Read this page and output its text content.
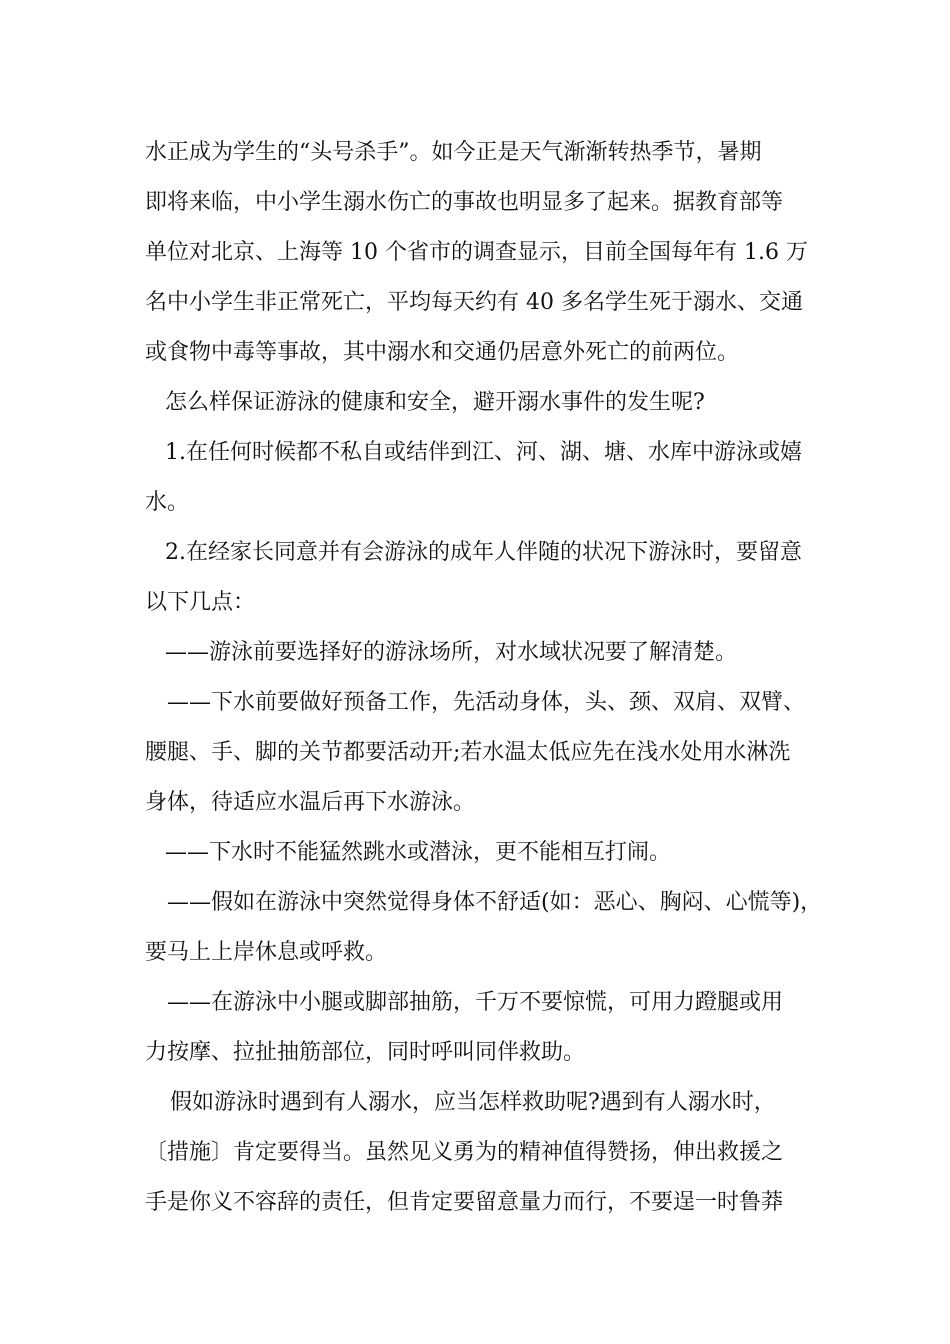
水正成为学生的“头号杀手”。如今正是天气渐渐转热季节，暑期
即将来临，中小学生溺水伤亡的事故也明显多了起来。据教育部等
单位对北京、上海等 10 个省市的调查显示，目前全国每年有 1.6 万
名中小学生非正常死亡，平均每天约有 40 多名学生死于溺水、交通
或食物中毒等事故，其中溺水和交通仍居意外死亡的前两位。
怎么样保证游泳的健康和安全，避开溺水事件的发生呢?
1.在任何时候都不私自或结伴到江、河、湖、塘、水库中游泳或嬉
水。
2.在经家长同意并有会游泳的成年人伴随的状况下游泳时，要留意
以下几点：
——游泳前要选择好的游泳场所，对水域状况要了解清楚。
——下水前要做好预备工作，先活动身体，头、颈、双肩、双臂、
腰腿、手、脚的关节都要活动开;若水温太低应先在浅水处用水淋洗
身体，待适应水温后再下水游泳。
——下水时不能猛然跳水或潜泳，更不能相互打闹。
——假如在游泳中突然觉得身体不舒适(如：恶心、胸闷、心慌等)，
要马上上岸休息或呼救。
——在游泳中小腿或脚部抽筋，千万不要惊慌，可用力蹬腿或用
力按摩、拉扯抽筋部位，同时呼叫同伴救助。
假如游泳时遇到有人溺水，应当怎样救助呢?遇到有人溺水时，
〔措施〕肯定要得当。虽然见义勇为的精神值得赞扬，伸出救援之
手是你义不容辞的责任，但肯定要留意量力而行，不要逞一时鲁莽
